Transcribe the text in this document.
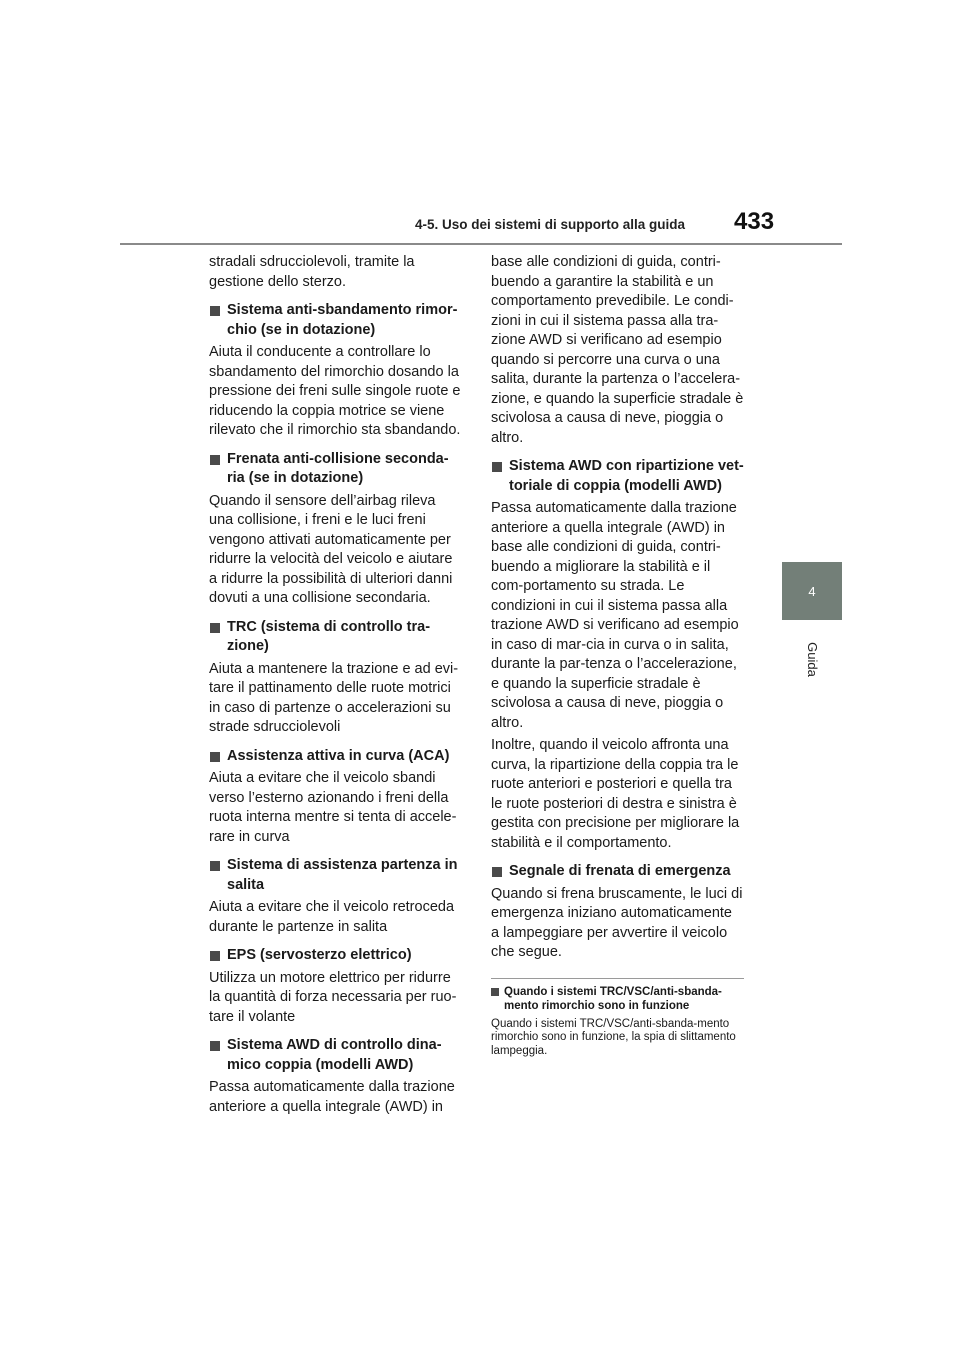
4-5. Uso dei sistemi di supporto alla guida	433
4
Guida
stradali sdrucciolevoli, tramite la gestione dello sterzo.
Sistema anti-sbandamento rimor-chio (se in dotazione)
Aiuta il conducente a controllare lo sbandamento del rimorchio dosando la pressione dei freni sulle singole ruote e riducendo la coppia motrice se viene rilevato che il rimorchio sta sbandando.
Frenata anti-collisione seconda-ria (se in dotazione)
Quando il sensore dell’airbag rileva una collisione, i freni e le luci freni vengono attivati automaticamente per ridurre la velocità del veicolo e aiutare a ridurre la possibilità di ulteriori danni dovuti a una collisione secondaria.
TRC (sistema di controllo tra-zione)
Aiuta a mantenere la trazione e ad evi-tare il pattinamento delle ruote motrici in caso di partenze o accelerazioni su strade sdrucciolevoli
Assistenza attiva in curva (ACA)
Aiuta a evitare che il veicolo sbandi verso l’esterno azionando i freni della ruota interna mentre si tenta di accele-rare in curva
Sistema di assistenza partenza in salita
Aiuta a evitare che il veicolo retroceda durante le partenze in salita
EPS (servosterzo elettrico)
Utilizza un motore elettrico per ridurre la quantità di forza necessaria per ruo-tare il volante
Sistema AWD di controllo dina-mico coppia (modelli AWD)
Passa automaticamente dalla trazione anteriore a quella integrale (AWD) in
base alle condizioni di guida, contri-buendo a garantire la stabilità e un comportamento prevedibile. Le condi-zioni in cui il sistema passa alla tra-zione AWD si verificano ad esempio quando si percorre una curva o una salita, durante la partenza o l’accelera-zione, e quando la superficie stradale è scivolosa a causa di neve, pioggia o altro.
Sistema AWD con ripartizione vet-toriale di coppia (modelli AWD)
Passa automaticamente dalla trazione anteriore a quella integrale (AWD) in base alle condizioni di guida, contri-buendo a migliorare la stabilità e il com-portamento su strada. Le condizioni in cui il sistema passa alla trazione AWD si verificano ad esempio in caso di mar-cia in curva o in salita, durante la par-tenza o l’accelerazione, e quando la superficie stradale è scivolosa a causa di neve, pioggia o altro.
Inoltre, quando il veicolo affronta una curva, la ripartizione della coppia tra le ruote anteriori e posteriori e quella tra le ruote posteriori di destra e sinistra è gestita con precisione per migliorare la stabilità e il comportamento.
Segnale di frenata di emergenza
Quando si frena bruscamente, le luci di emergenza iniziano automaticamente a lampeggiare per avvertire il veicolo che segue.
Quando i sistemi TRC/VSC/anti-sbanda-mento rimorchio sono in funzione
Quando i sistemi TRC/VSC/anti-sbanda-mento rimorchio sono in funzione, la spia di slittamento lampeggia.
